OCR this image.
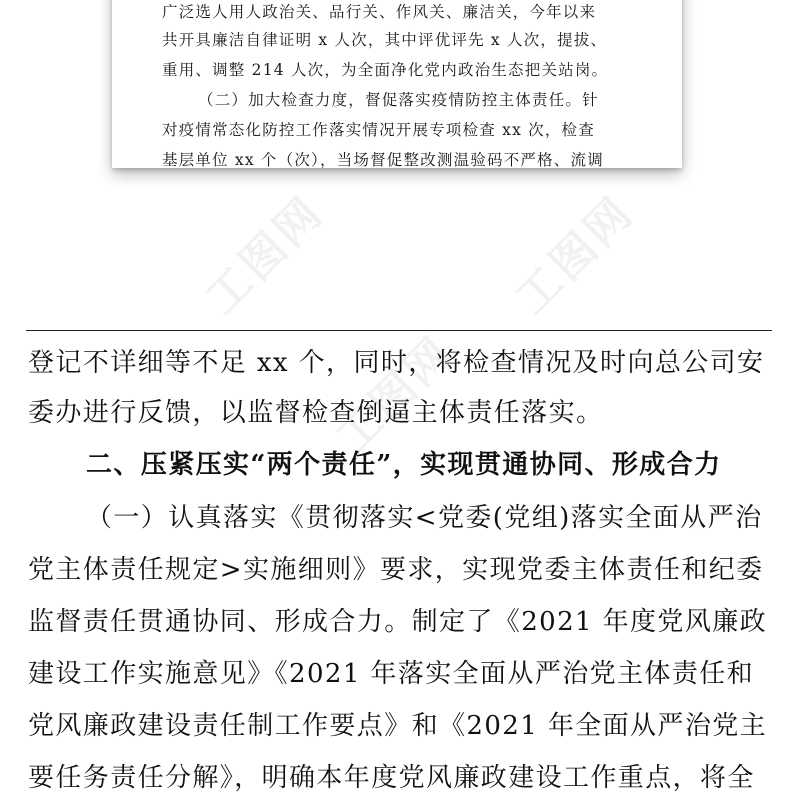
广泛选人用人政治关、品行关、作风关、廉洁关，今年以来
共开具廉洁自律证明 x 人次，其中评优评先 x 人次，提拔、
重用、调整 214 人次，为全面净化党内政治生态把关站岗。
（二）加大检查力度，督促落实疫情防控主体责任。针
对疫情常态化防控工作落实情况开展专项检查 xx 次，检查
基层单位 xx 个（次），当场督促整改测温验码不严格、流调
工图网	工图网
工图网
登记不详细等不足 xx 个，同时，将检查情况及时向总公司安
委办进行反馈，以监督检查倒逼主体责任落实。
二、压紧压实“两个责任”，实现贯通协同、形成合力
（一）认真落实《贯彻落实<党委(党组)落实全面从严治
党主体责任规定>实施细则》要求，实现党委主体责任和纪委
监督责任贯通协同、形成合力。制定了《2021 年度党风廉政
建设工作实施意见》《2021 年落实全面从严治党主体责任和
党风廉政建设责任制工作要点》和《2021 年全面从严治党主
要任务责任分解》，明确本年度党风廉政建设工作重点，将全
